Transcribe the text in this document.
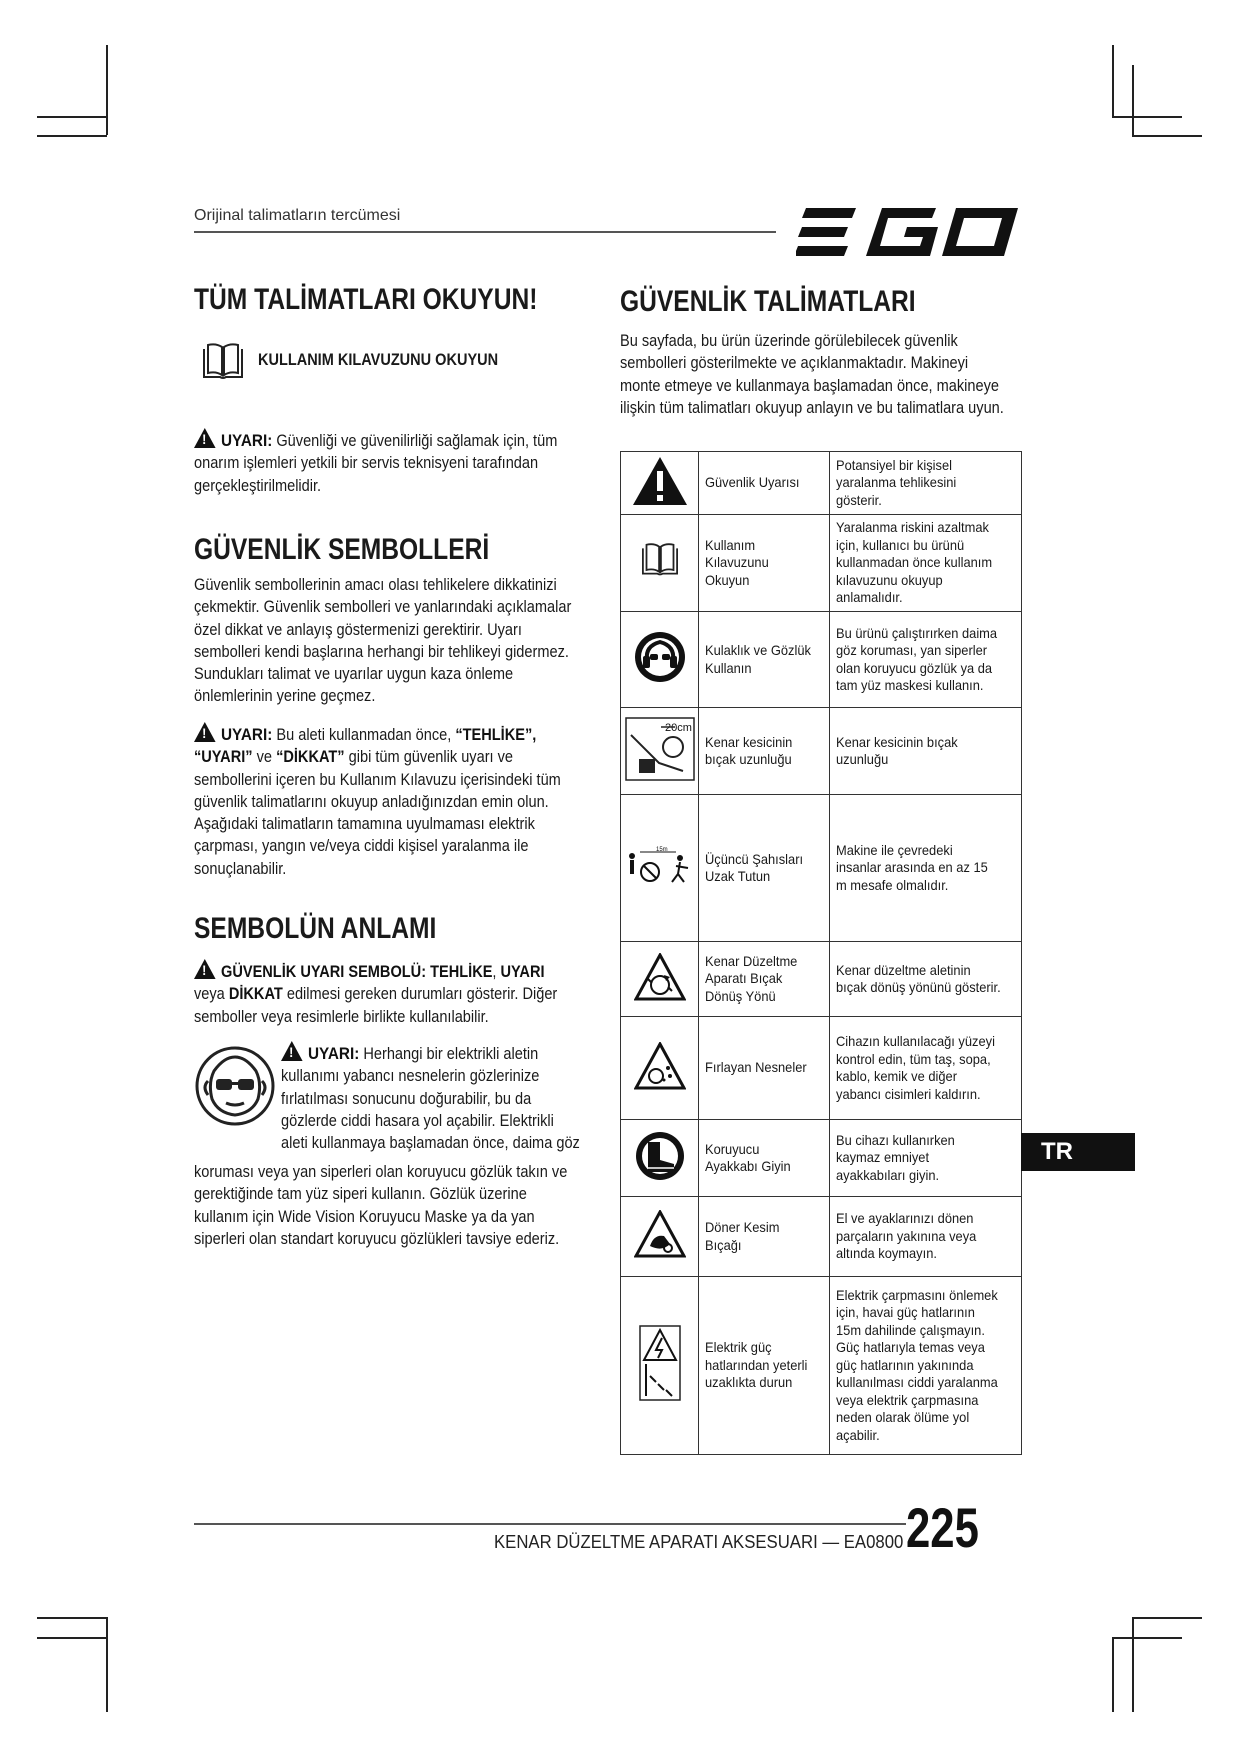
Orijinal talimatların tercümesi
EGO
TÜM TALİMATLARI OKUYUN!
KULLANIM KILAVUZUNU OKUYUN
!UYARI: Güvenliği ve güvenilirliği sağlamak için, tüm onarım işlemleri yetkili bir servis teknisyeni tarafından gerçekleştirilmelidir.
GÜVENLİK SEMBOLLERİ

Güvenlik sembollerinin amacı olası tehlikelere dikkatinizi çekmektir. Güvenlik sembolleri ve yanlarındaki açıklamalar özel dikkat ve anlayış göstermenizi gerektirir. Uyarı sembolleri kendi başlarına herhangi bir tehlikeyi gidermez. Sundukları talimat ve uyarılar uygun kaza önleme önlemlerinin yerine geçmez.

!UYARI: Bu aleti kullanmadan önce, “TEHLİKE”, “UYARI” ve “DİKKAT” gibi tüm güvenlik uyarı ve sembollerini içeren bu Kullanım Kılavuzu içerisindeki tüm güvenlik talimatlarını okuyup anladığınızdan emin olun. Aşağıdaki talimatların tamamına uyulmaması elektrik çarpması, yangın ve/veya ciddi kişisel yaralanma ile sonuçlanabilir.
SEMBOLÜN ANLAMI
!GÜVENLİK UYARI SEMBOLÜ: TEHLİKE, UYARI veya DİKKAT edilmesi gereken durumları gösterir. Diğer semboller veya resimlerle birlikte kullanılabilir.
!UYARI: Herhangi bir elektrikli aletin kullanımı yabancı nesnelerin gözlerinize fırlatılması sonucunu doğurabilir, bu da gözlerde ciddi hasara yol açabilir. Elektrikli aleti kullanmaya başlamadan önce, daima göz

koruması veya yan siperleri olan koruyucu gözlük takın ve gerektiğinde tam yüz siperi kullanın. Gözlük üzerine kullanım için Wide Vision Koruyucu Maske ya da yan siperleri olan standart koruyucu gözlükleri tavsiye ederiz.

GÜVENLİK TALİMATLARI

Bu sayfada, bu ürün üzerinde görülebilecek güvenlik sembolleri gösterilmekte ve açıklanmaktadır. Makineyi monte etmeye ve kullanmaya başlamadan önce, makineye ilişkin tüm talimatları okuyup anlayın ve bu talimatlara uyun.

Güvenlik Uyarısı	Potansiyel bir kişisel yaralanma tehlikesini gösterir.

Kullanım Kılavuzunu Okuyun	Yaralanma riskini azaltmak için, kullanıcı bu ürünü kullanmadan önce kullanım kılavuzunu okuyup anlamalıdır.

Kulaklık ve Gözlük Kullanın	Bu ürünü çalıştırırken daima göz koruması, yan siperler olan koruyucu gözlük ya da tam yüz maskesi kullanın.

20cm	Kenar kesicinin bıçak uzunluğu	Kenar kesicinin bıçak uzunluğu

15m	Üçüncü Şahısları Uzak Tutun	Makine ile çevredeki insanlar arasında en az 15 m mesafe olmalıdır.

Kenar Düzeltme Aparatı Bıçak Dönüş Yönü	Kenar düzeltme aletinin bıçak dönüş yönünü gösterir.

Fırlayan Nesneler	Cihazın kullanılacağı yüzeyi kontrol edin, tüm taş, sopa, kablo, kemik ve diğer yabancı cisimleri kaldırın.

Koruyucu Ayakkabı Giyin	Bu cihazı kullanırken kaymaz emniyet ayakkabıları giyin.

Döner Kesim Bıçağı	El ve ayaklarınızı dönen parçaların yakınına veya altında koymayın.

Elektrik güç hatlarından yeterli uzaklıkta durun	Elektrik çarpmasını önlemek için, havai güç hatlarının 15m dahilinde çalışmayın. Güç hatlarıyla temas veya güç hatlarının yakınında kullanılması ciddi yaralanma veya elektrik çarpmasına neden olarak ölüme yol açabilir.
TR
KENAR DÜZELTME APARATI AKSESUARI — EA0800 225
